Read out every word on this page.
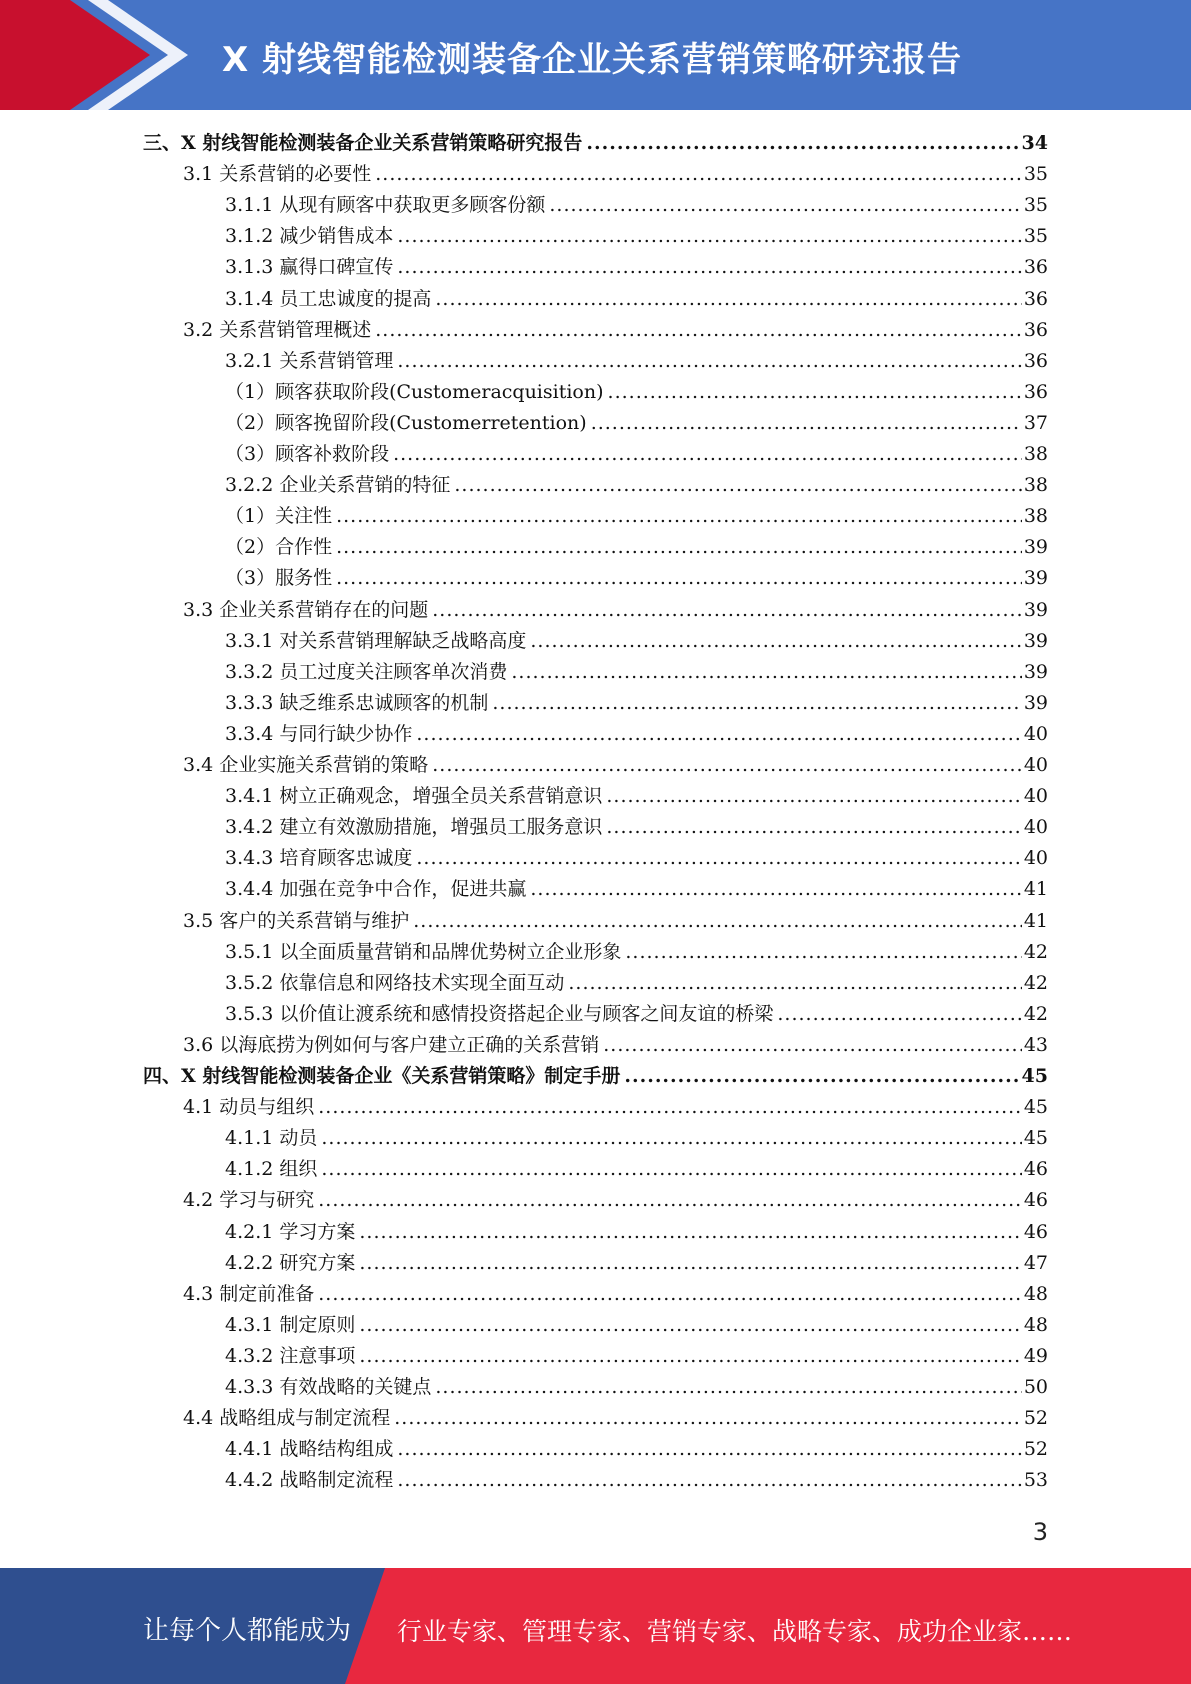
X 射线智能检测装备企业关系营销策略研究报告
三、X 射线智能检测装备企业关系营销策略研究报告 .....	34
3.1 关系营销的必要性 .....	35
3.1.1 从现有顾客中获取更多顾客份额 .....	35
3.1.2 减少销售成本 .....	35
3.1.3 赢得口碑宣传 .....	36
3.1.4 员工忠诚度的提高 .....	36
3.2 关系营销管理概述 .....	36
3.2.1 关系营销管理 .....	36
（1）顾客获取阶段(Customeracquisition) .....	36
（2）顾客挽留阶段(Customerretention) .....	37
（3）顾客补救阶段 .....	38
3.2.2 企业关系营销的特征 .....	38
（1）关注性 .....	38
（2）合作性 .....	39
（3）服务性 .....	39
3.3 企业关系营销存在的问题 .....	39
3.3.1 对关系营销理解缺乏战略高度 .....	39
3.3.2 员工过度关注顾客单次消费 .....	39
3.3.3 缺乏维系忠诚顾客的机制 .....	39
3.3.4 与同行缺少协作 .....	40
3.4 企业实施关系营销的策略 .....	40
3.4.1 树立正确观念，增强全员关系营销意识 .....	40
3.4.2 建立有效激励措施，增强员工服务意识 .....	40
3.4.3 培育顾客忠诚度 .....	40
3.4.4 加强在竞争中合作，促进共赢 .....	41
3.5 客户的关系营销与维护 .....	41
3.5.1 以全面质量营销和品牌优势树立企业形象 .....	42
3.5.2 依靠信息和网络技术实现全面互动 .....	42
3.5.3 以价值让渡系统和感情投资搭起企业与顾客之间友谊的桥梁 .....	42
3.6 以海底捞为例如何与客户建立正确的关系营销 .....	43
四、X 射线智能检测装备企业《关系营销策略》制定手册 .....	45
4.1 动员与组织 .....	45
4.1.1 动员 .....	45
4.1.2 组织 .....	46
4.2 学习与研究 .....	46
4.2.1 学习方案 .....	46
4.2.2 研究方案 .....	47
4.3 制定前准备 .....	48
4.3.1 制定原则 .....	48
4.3.2 注意事项 .....	49
4.3.3 有效战略的关键点 .....	50
4.4 战略组成与制定流程 .....	52
4.4.1 战略结构组成 .....	52
4.4.2 战略制定流程 .....	53
3
让每个人都能成为 行业专家、管理专家、营销专家、战略专家、成功企业家……
